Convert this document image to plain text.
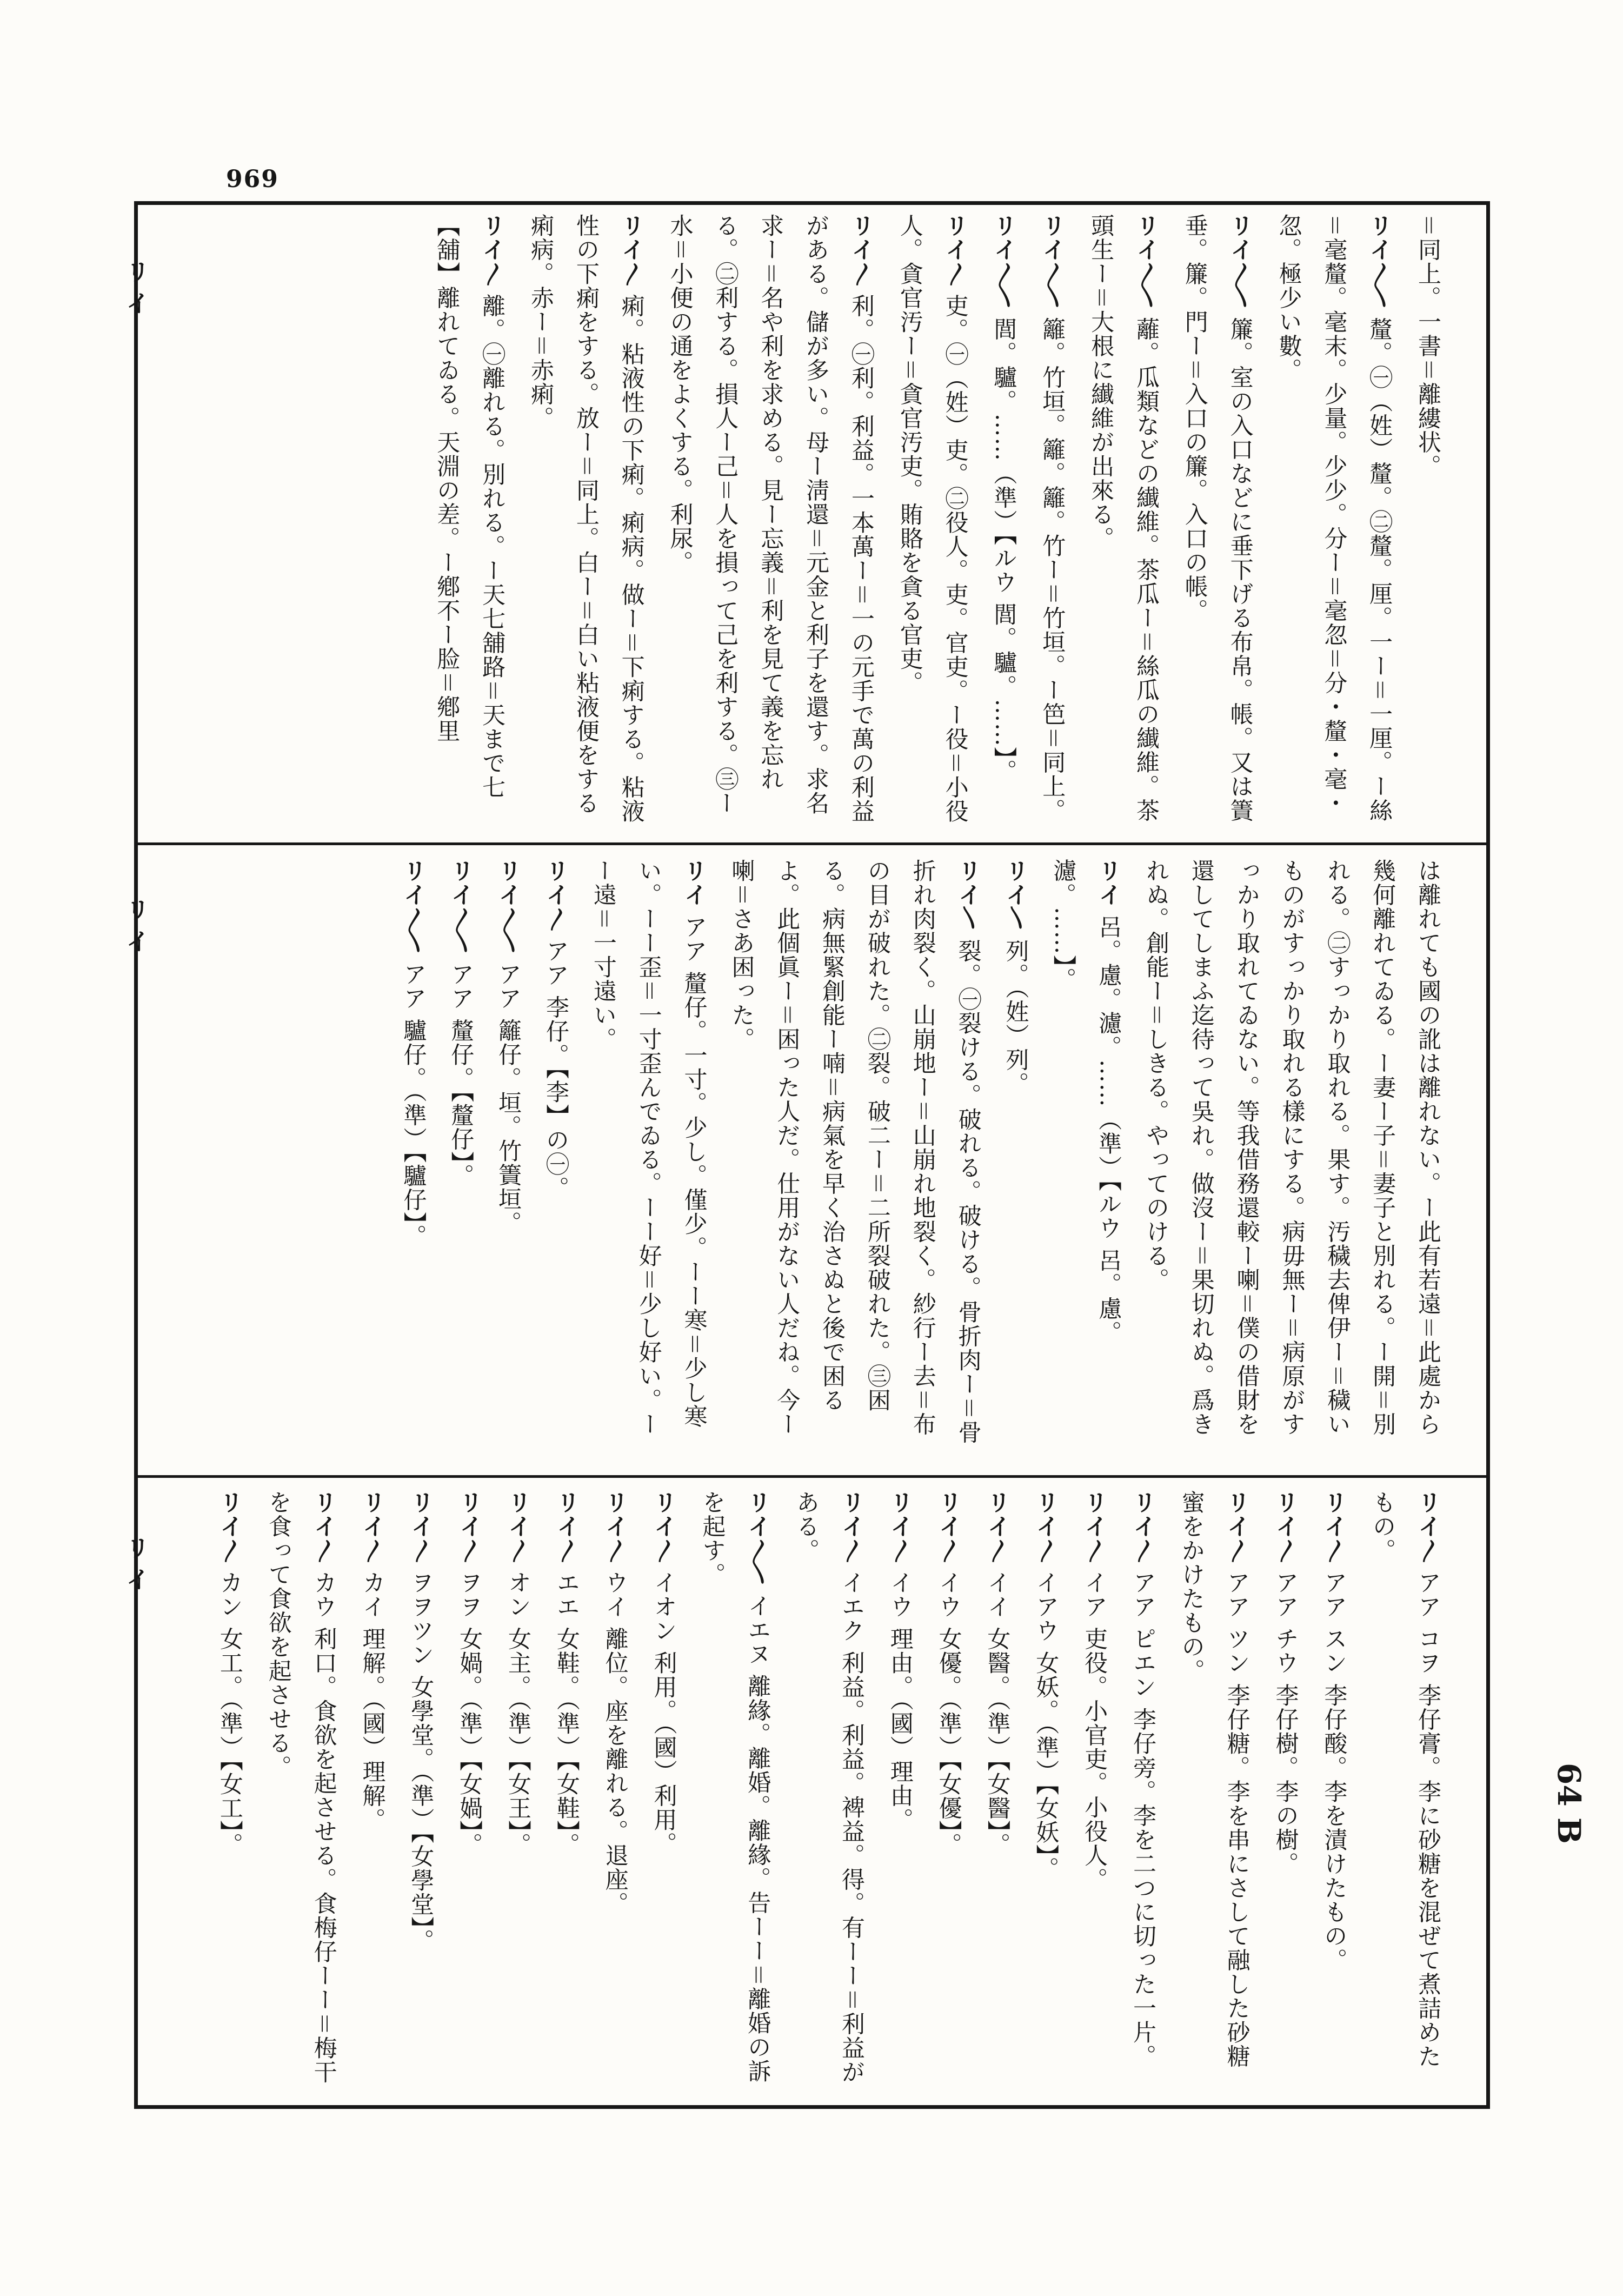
969
64 B
リイ
リイ
リイ
＝同上。一書＝離縷状。
リイ〳〵 釐。㊀（姓）釐。㊁釐。厘。一ー＝一厘。ー絲＝毫釐。毫末。少量。少少。分ー＝毫忽＝分・釐・毫・忽。極少い數。
リイ〳〵 簾。室の入口などに垂下げる布帛。帳。又は簀垂。簾。門ー＝入口の簾。入口の帳。
リイ〳〵 蘺。瓜類などの纎維。茶瓜ー＝絲瓜の纎維。茶頭生ー＝大根に纎維が出來る。
リイ〳〵 籬。竹垣。籬。籬。竹ー＝竹垣。ー笆＝同上。
リイ〳〵 閭。驢。……（準）【ルウ 閭。驢。……】。
リイ〳 吏。㊀（姓）吏。㊁役人。吏。官吏。ー役＝小役人。貪官汚ー＝貪官汚吏。賄賂を貪る官吏。
リイ〳 利。㊀利。利益。一本萬ー＝一の元手で萬の利益がある。儲が多い。母ー淸還＝元金と利子を還す。求名求ー＝名や利を求める。見ー忘義＝利を見て義を忘れる。㊁利する。損人ー己＝人を損って己を利する。㊂ー水＝小便の通をよくする。利尿。
リイ〳 痢。粘液性の下痢。痢病。做ー＝下痢する。粘液性の下痢をする。放ー＝同上。白ー＝白い粘液便をする痢病。赤ー＝赤痢。
リイ〳 離。㊀離れる。別れる。ー天七舖路＝天まで七【舖】離れてゐる。天淵の差。ー鄕不ー脸＝鄕里
は離れても國の訛は離れない。ー此有若遠＝此處から幾何離れてゐる。ー妻ー子＝妻子と別れる。ー開＝別れる。㊁すっかり取れる。果す。汚穢去俾伊ー＝穢いものがすっかり取れる樣にする。病毋無ー＝病原がすっかり取れてゐない。等我借務還較ー喇＝僕の借財を還してしまふ迄待って吳れ。做沒ー＝果切れぬ。爲きれぬ。創能ー＝しきる。やってのける。
リイ 呂。慮。濾。……（準）【ルウ 呂。慮。濾。……】。
リイ〵 列。（姓）列。
リイ〵 裂。㊀裂ける。破れる。破ける。骨折肉ー＝骨折れ肉裂く。山崩地ー＝山崩れ地裂く。紗行ー去＝布の目が破れた。㊁裂。破二ー＝二所裂破れた。㊂困る。病無緊創能ー喃＝病氣を早く治さぬと後で困るよ。此個眞ー＝困った人だ。仕用がない人だね。今ー喇＝さあ困った。
リイ アア 釐仔。一寸。少し。僅少。ーー寒＝少し寒い。ーー歪＝一寸歪んでゐる。ーー好＝少し好い。ーー遠＝一寸遠い。
リイ〳 アア 李仔。【李】の㊀。
リイ〳〵 アア 籬仔。垣。竹簀垣。
リイ〳〵 アア 釐仔。【釐仔】。
リイ〳〵 アア 驢仔。（準）【驢仔】。
リイ〳 アア コヲ 李仔膏。李に砂糖を混ぜて煮詰めたもの。
リイ〳 アア スン 李仔酸。李を漬けたもの。
リイ〳 アア チウ 李仔樹。李の樹。
リイ〳 アア ツン 李仔糖。李を串にさして融した砂糖蜜をかけたもの。
リイ〳 アア ピエン 李仔旁。李を二つに切った一片。
リイ〳 イア 吏役。小官吏。小役人。
リイ〳 イアウ 女妖。（準）【女妖】。
リイ〳 イイ 女醫。（準）【女醫】。
リイ〳 イウ 女優。（準）【女優】。
リイ〳 イウ 理由。（國）理由。
リイ〳 イエク 利益。利益。裨益。得。有ーー＝利益がある。
リイ〳〵 イエヌ 離緣。離婚。離緣。告ーー＝離婚の訴を起す。
リイ〳 イオン 利用。（國）利用。
リイ〳 ウイ 離位。座を離れる。退座。
リイ〳 エエ 女鞋。（準）【女鞋】。
リイ〳 オン 女主。（準）【女王】。
リイ〳 ヲヲ 女媧。（準）【女媧】。
リイ〳 ヲヲツン 女學堂。（準）【女學堂】。
リイ〳 カイ 理解。（國）理解。
リイ〳 カウ 利口。食欲を起させる。食梅仔ーー＝梅干を食って食欲を起させる。
リイ〳 カン 女工。（準）【女工】。
